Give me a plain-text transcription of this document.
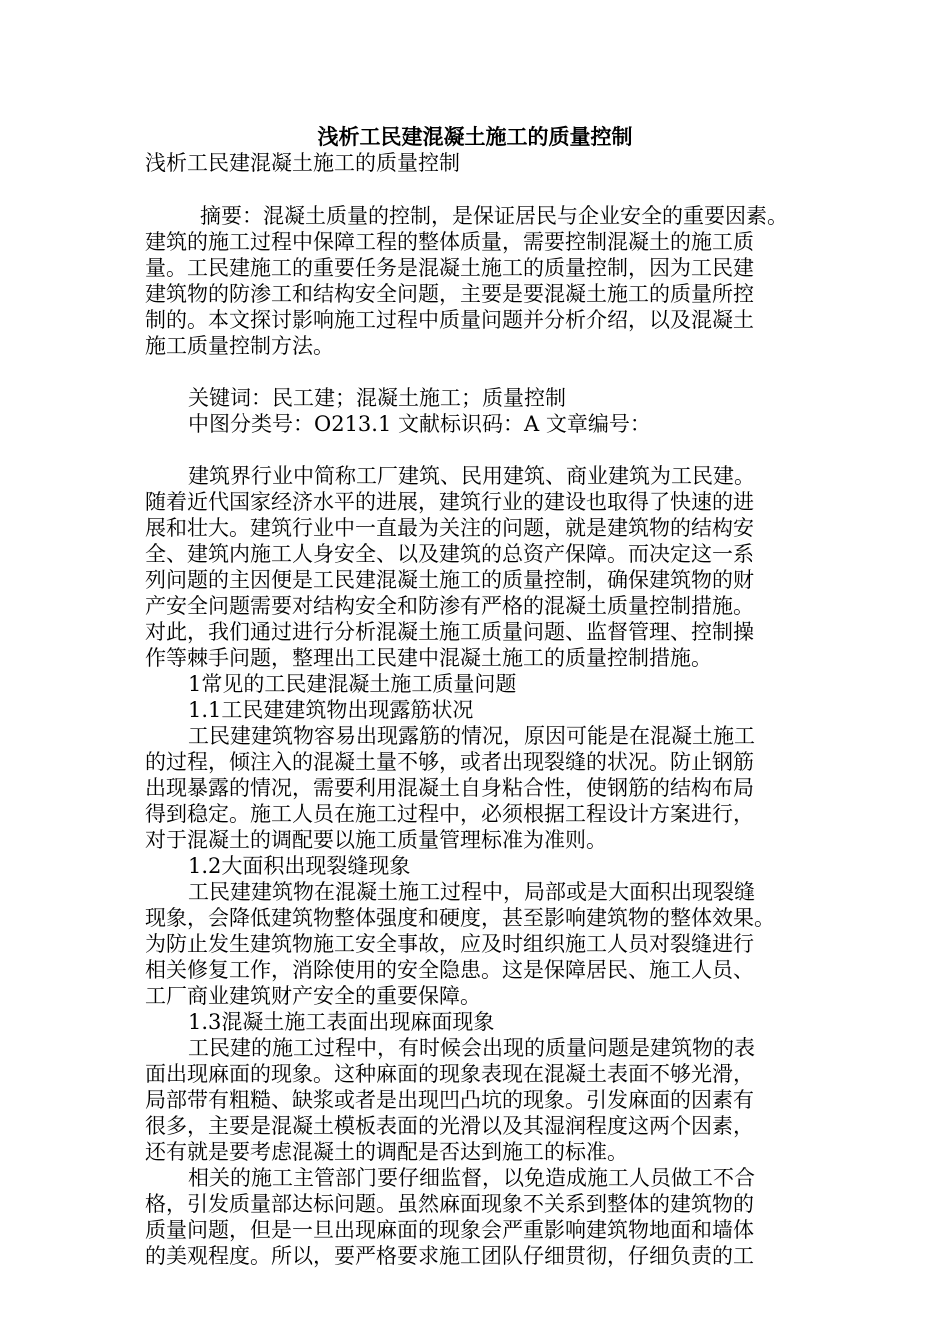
浅析工民建混凝土施工的质量控制
浅析工民建混凝土施工的质量控制
摘要：混凝土质量的控制，是保证居民与企业安全的重要因素。
建筑的施工过程中保障工程的整体质量，需要控制混凝土的施工质
量。工民建施工的重要任务是混凝土施工的质量控制，因为工民建
建筑物的防渗工和结构安全问题，主要是要混凝土施工的质量所控
制的。本文探讨影响施工过程中质量问题并分析介绍，以及混凝土
施工质量控制方法。
关键词：民工建；混凝土施工；质量控制
中图分类号：O213.1 文献标识码：A 文章编号：
建筑界行业中简称工厂建筑、民用建筑、商业建筑为工民建。
随着近代国家经济水平的进展，建筑行业的建设也取得了快速的进
展和壮大。建筑行业中一直最为关注的问题，就是建筑物的结构安
全、建筑内施工人身安全、以及建筑的总资产保障。而决定这一系
列问题的主因便是工民建混凝土施工的质量控制，确保建筑物的财
产安全问题需要对结构安全和防渗有严格的混凝土质量控制措施。
对此，我们通过进行分析混凝土施工质量问题、监督管理、控制操
作等棘手问题，整理出工民建中混凝土施工的质量控制措施。
1常见的工民建混凝土施工质量问题
1.1工民建建筑物出现露筋状况
工民建建筑物容易出现露筋的情况，原因可能是在混凝土施工
的过程，倾注入的混凝土量不够，或者出现裂缝的状况。防止钢筋
出现暴露的情况，需要利用混凝土自身粘合性，使钢筋的结构布局
得到稳定。施工人员在施工过程中，必须根据工程设计方案进行，
对于混凝土的调配要以施工质量管理标准为准则。
1.2大面积出现裂缝现象
工民建建筑物在混凝土施工过程中，局部或是大面积出现裂缝
现象，会降低建筑物整体强度和硬度，甚至影响建筑物的整体效果。
为防止发生建筑物施工安全事故，应及时组织施工人员对裂缝进行
相关修复工作，消除使用的安全隐患。这是保障居民、施工人员、
工厂商业建筑财产安全的重要保障。
1.3混凝土施工表面出现麻面现象
工民建的施工过程中，有时候会出现的质量问题是建筑物的表
面出现麻面的现象。这种麻面的现象表现在混凝土表面不够光滑，
局部带有粗糙、缺浆或者是出现凹凸坑的现象。引发麻面的因素有
很多，主要是混凝土模板表面的光滑以及其湿润程度这两个因素，
还有就是要考虑混凝土的调配是否达到施工的标准。
相关的施工主管部门要仔细监督，以免造成施工人员做工不合
格，引发质量部达标问题。虽然麻面现象不关系到整体的建筑物的
质量问题，但是一旦出现麻面的现象会严重影响建筑物地面和墙体
的美观程度。所以，要严格要求施工团队仔细贯彻，仔细负责的工
